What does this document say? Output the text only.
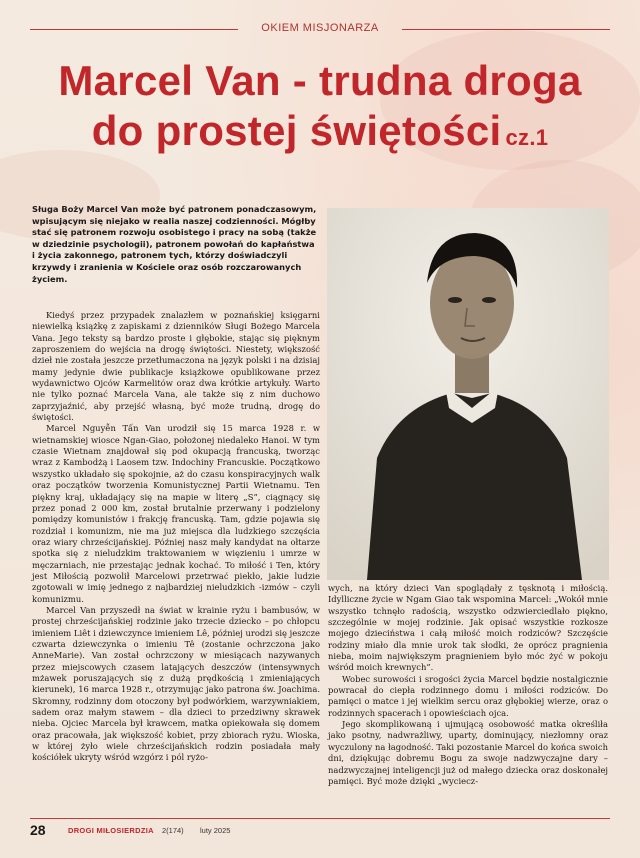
OKIEM MISJONARZA
Marcel Van - trudna droga
do prostej świętości cz.1
Sługa Boży Marcel Van może być patronem ponadczasowym, wpisującym się niejako w realia naszej codzienności. Mógłby stać się patronem rozwoju osobistego i pracy na sobą (także w dziedzinie psychologii), patronem powołań do kapłaństwa i życia zakonnego, patronem tych, którzy doświadczyli krzywdy i zranienia w Kościele oraz osób rozczarowanych życiem.

Kiedyś przez przypadek znalazłem w poznańskiej księgarni niewielką książkę z zapiskami z dzienników Sługi Bożego Marcela Vana. Jego teksty są bardzo proste i głębokie, stając się pięknym zaproszeniem do wejścia na drogę świętości. Niestety, większość dzieł nie została jeszcze przetłumaczona na język polski i na dzisiaj mamy jedynie dwie publikacje książkowe opublikowane przez wydawnictwo Ojców Karmelitów oraz dwa krótkie artykuły. Warto nie tylko poznać Marcela Vana, ale także się z nim duchowo zaprzyjaźnić, aby przejść własną, być może trudną, drogę do świętości.

Marcel Nguyễn Tấn Van urodził się 15 marca 1928 r. w wietnamskiej wiosce Ngan-Giao, położonej niedaleko Hanoi. W tym czasie Wietnam znajdował się pod okupacją francuską, tworząc wraz z Kambodżą i Laosem tzw. Indochiny Francuskie. Początkowo wszystko układało się spokojnie, aż do czasu konspiracyjnych walk oraz początków tworzenia Komunistycznej Partii Wietnamu. Ten piękny kraj, układający się na mapie w literę „S”, ciągnący się przez ponad 2 000 km, został brutalnie przerwany i podzielony pomiędzy komunistów i frakcję francuską. Tam, gdzie pojawia się rozdział i komunizm, nie ma już miejsca dla ludzkiego szczęścia oraz wiary chrześcijańskiej. Później nasz mały kandydat na ołtarze spotka się z nieludzkim traktowaniem w więzieniu i umrze w męczarniach, nie przestając jednak kochać. To miłość i Ten, który jest Miłością pozwolił Marcelowi przetrwać piekło, jakie ludzie zgotowali w imię jednego z najbardziej nieludzkich -izmów – czyli komunizmu.

Marcel Van przyszedł na świat w krainie ryżu i bambusów, w prostej chrześcijańskiej rodzinie jako trzecie dziecko – po chłopcu imieniem Liêt i dziewczynce imieniem Lê, później urodzi się jeszcze czwarta dziewczynka o imieniu Tê (zostanie ochrzczona jako AnneMarie). Van został ochrzczony w miesiącach nazywanych przez miejscowych czasem latających deszczów (intensywnych mżawek poruszających się z dużą prędkością i zmieniających kierunek), 16 marca 1928 r., otrzymując jako patrona św. Joachima. Skromny, rodzinny dom otoczony był podwórkiem, warzywniakiem, sadem oraz małym stawem – dla dzieci to przedziwny skrawek nieba. Ojciec Marcela był krawcem, matka opiekowała się domem oraz pracowała, jak większość kobiet, przy zbiorach ryżu. Wioska, w której żyło wiele chrześcijańskich rodzin posiadała mały kościółek ukryty wśród wzgórz i pól ryżo-

wych, na który dzieci Van spoglądały z tęsknotą i miłością. Idylliczne życie w Ngam Giao tak wspomina Marcel: „Wokół mnie wszystko tchnęło radością, wszystko odzwierciedlało piękno, szczególnie w mojej rodzinie. Jak opisać wszystkie rozkosze mojego dzieciństwa i całą miłość moich rodziców? Szczęście rodziny miało dla mnie urok tak słodki, że oprócz pragnienia nieba, moim największym pragnieniem było móc żyć w pokoju wśród moich krewnych”.

Wobec surowości i srogości życia Marcel będzie nostalgicznie powracał do ciepła rodzinnego domu i miłości rodziców. Do pamięci o matce i jej wielkim sercu oraz głębokiej wierze, oraz o rodzinnych spacerach i opowieściach ojca.

Jego skomplikowaną i ujmującą osobowość matka określiła jako psotny, nadwrażliwy, uparty, dominujący, niezłomny oraz wyczulony na łagodność. Taki pozostanie Marcel do końca swoich dni, dziękując dobremu Bogu za swoje nadzwyczajne dary – nadzwyczajnej inteligencji już od małego dziecka oraz doskonałej pamięci. Być może dzięki „wyciecz-

28	DROGI MIŁOSIERDZIA 2(174) luty 2025
